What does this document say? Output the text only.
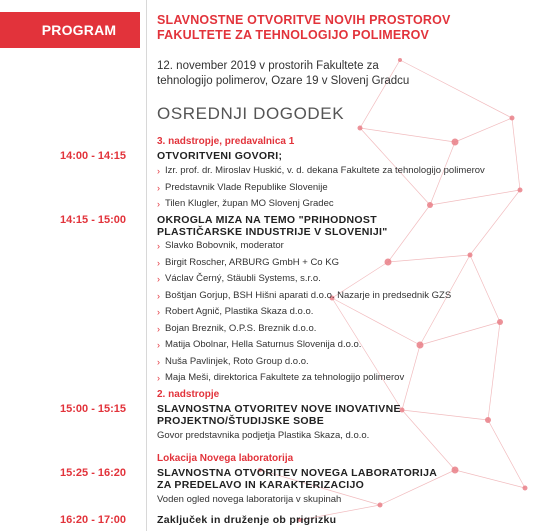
PROGRAM
SLAVNOSTNE OTVORITVE NOVIH PROSTOROV
FAKULTETE ZA TEHNOLOGIJO POLIMEROV
12. november 2019 v prostorih Fakultete za
tehnologijo polimerov, Ozare 19 v Slovenj Gradcu
OSREDNJI DOGODEK
3. nadstropje, predavalnica 1
14:00 - 14:15	OTVORITVENI GOVORI;
› Izr. prof. dr. Miroslav Huskić, v. d. dekana Fakultete za tehnologijo polimerov
› Predstavnik Vlade Republike Slovenije
› Tilen Klugler, župan MO Slovenj Gradec
14:15 - 15:00	OKROGLA MIZA NA TEMO "PRIHODNOST
PLASTIČARSKE INDUSTRIJE V SLOVENIJI"
› Slavko Bobovnik, moderator
› Birgit Roscher, ARBURG GmbH + Co KG
› Václav Černý, Stäubli Systems, s.r.o.
› Boštjan Gorjup, BSH Hišni aparati d.o.o. Nazarje in predsednik GZS
› Robert Agnič, Plastika Skaza d.o.o.
› Bojan Breznik, O.P.S. Breznik d.o.o.
› Matija Obolnar, Hella Saturnus Slovenija d.o.o.
› Nuša Pavlinjek, Roto Group d.o.o.
› Maja Meši, direktorica Fakultete za tehnologijo polimerov
2. nadstropje
15:00 - 15:15	SLAVNOSTNA OTVORITEV NOVE INOVATIVNE
PROJEKTNO/ŠTUDIJSKE SOBE
Govor predstavnika podjetja Plastika Skaza, d.o.o.
Lokacija Novega laboratorija
15:25 - 16:20	SLAVNOSTNA OTVORITEV NOVEGA LABORATORIJA
ZA PREDELAVO IN KARAKTERIZACIJO
Voden ogled novega laboratorija v skupinah
16:20 - 17:00	Zaključek in druženje ob prigrizku
